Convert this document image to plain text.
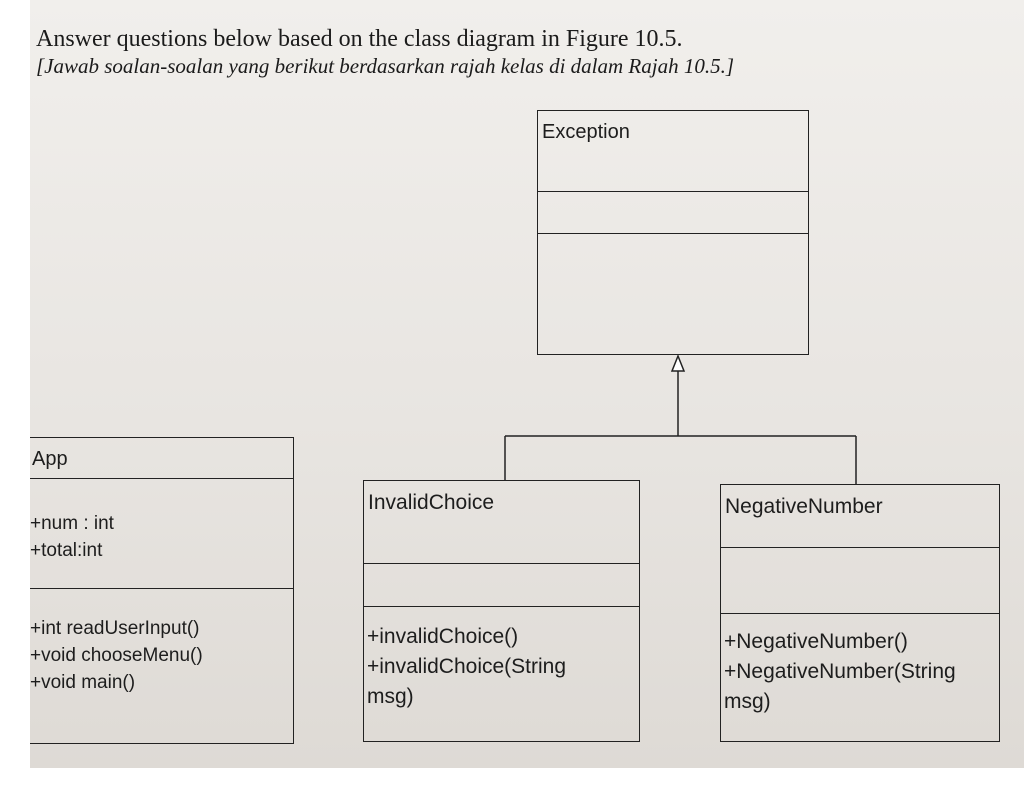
Answer questions below based on the class diagram in Figure 10.5.
[Jawab soalan-soalan yang berikut berdasarkan rajah kelas di dalam Rajah 10.5.]
Exception
App
+num : int
+total:int
+int readUserInput()
+void chooseMenu()
+void main()
InvalidChoice
+invalidChoice()
+invalidChoice(String
msg)
NegativeNumber
+NegativeNumber()
+NegativeNumber(String
msg)
